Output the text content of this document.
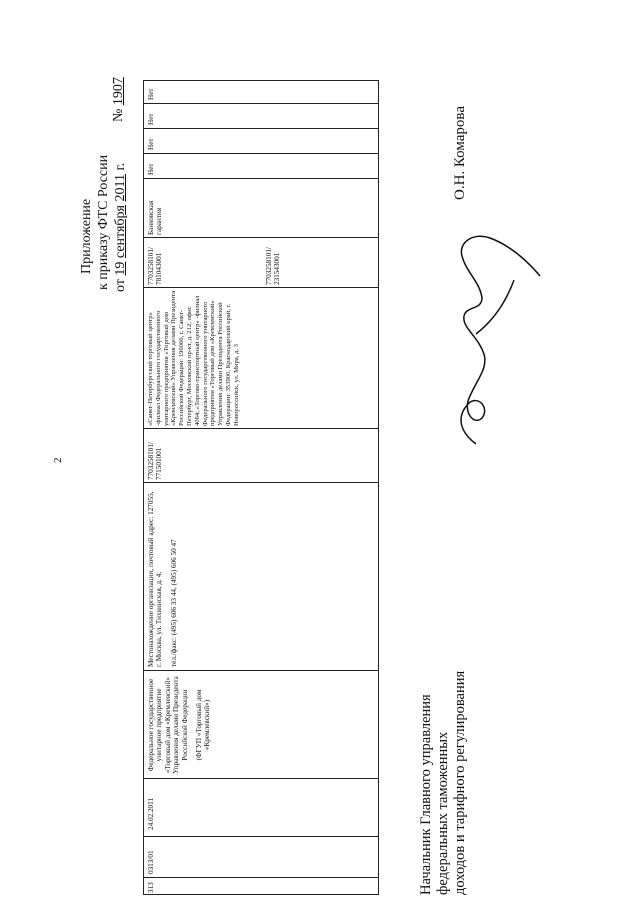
2
Приложение к приказу ФТС России от 19 сентября 2011 г.
№ 1907
313
0313/01
24.02.2011
Федеральное государственное унитарное предприятие «Торговый дом «Кремлевский» Управления делами Президента Российской Федерации (ФГУП «Торговый дом «Кремлевский»)
Местонахождение организации, почтовый адрес: 127055, г. Москва, ул. Тихвинская, д. 4; тел./факс: (495) 606 33 44, (495) 606 50 47
7703258101/ 771501001
«Санкт-Петербургский торговый центр» -филиал Федерального государственного унитарного предприятия «Торговый дом «Кремлевский» Управления делами Президента Российской Федерации: 196066, г. Санкт-Петербург, Московский пр-кт, д. 212, офис 4064; «Торгово-транспортный центр» -филиал Федерального государственного унитарного предприятия «Торговый дом «Кремлевский» Управления делами Президента Российской Федерации: 353900, Краснодарский край, г. Новороссийск, ул. Мира, д. 3
7703258101/ 781043001	7703258101/ 231543001
Банковская гарантия
Нет
Нет
Нет
Нет
Начальник Главного управления федеральных таможенных доходов и тарифного регулирования
О.Н. Комарова
